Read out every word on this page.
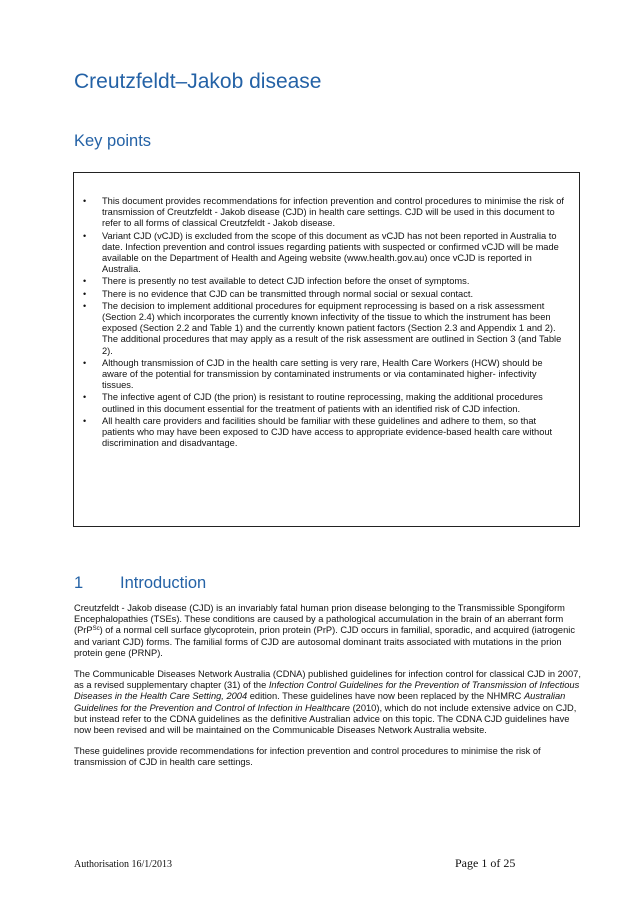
Creutzfeldt–Jakob disease
Key points
• This document provides recommendations for infection prevention and control procedures to minimise the risk of transmission of Creutzfeldt - Jakob disease (CJD) in health care settings. CJD will be used in this document to refer to all forms of classical Creutzfeldt - Jakob disease.
• Variant CJD (vCJD) is excluded from the scope of this document as vCJD has not been reported in Australia to date. Infection prevention and control issues regarding patients with suspected or confirmed vCJD will be made available on the Department of Health and Ageing website (www.health.gov.au) once vCJD is reported in Australia.
• There is presently no test available to detect CJD infection before the onset of symptoms.
• There is no evidence that CJD can be transmitted through normal social or sexual contact.
• The decision to implement additional procedures for equipment reprocessing is based on a risk assessment (Section 2.4) which incorporates the currently known infectivity of the tissue to which the instrument has been exposed (Section 2.2 and Table 1) and the currently known patient factors (Section 2.3 and Appendix 1 and 2). The additional procedures that may apply as a result of the risk assessment are outlined in Section 3 (and Table 2).
• Although transmission of CJD in the health care setting is very rare, Health Care Workers (HCW) should be aware of the potential for transmission by contaminated instruments or via contaminated higher- infectivity tissues.
• The infective agent of CJD (the prion) is resistant to routine reprocessing, making the additional procedures outlined in this document essential for the treatment of patients with an identified risk of CJD infection.
• All health care providers and facilities should be familiar with these guidelines and adhere to them, so that patients who may have been exposed to CJD have access to appropriate evidence-based health care without discrimination and disadvantage.
1 Introduction

Creutzfeldt - Jakob disease (CJD) is an invariably fatal human prion disease belonging to the Transmissible Spongiform Encephalopathies (TSEs). These conditions are caused by a pathological accumulation in the brain of an aberrant form (PrP$^{Sc}$) of a normal cell surface glycoprotein, prion protein (PrP). CJD occurs in familial, sporadic, and acquired (iatrogenic and variant CJD) forms. The familial forms of CJD are autosomal dominant traits associated with mutations in the prion protein gene (PRNP).

The Communicable Diseases Network Australia (CDNA) published guidelines for infection control for classical CJD in 2007, as a revised supplementary chapter (31) of the Infection Control Guidelines for the Prevention of Transmission of Infectious Diseases in the Health Care Setting, 2004 edition. These guidelines have now been replaced by the NHMRC Australian Guidelines for the Prevention and Control of Infection in Healthcare (2010), which do not include extensive advice on CJD, but instead refer to the CDNA guidelines as the definitive Australian advice on this topic. The CDNA CJD guidelines have now been revised and will be maintained on the Communicable Diseases Network Australia website.

These guidelines provide recommendations for infection prevention and control procedures to minimise the risk of transmission of CJD in health care settings.

Authorisation 16/1/2013	Page 1 of 25
